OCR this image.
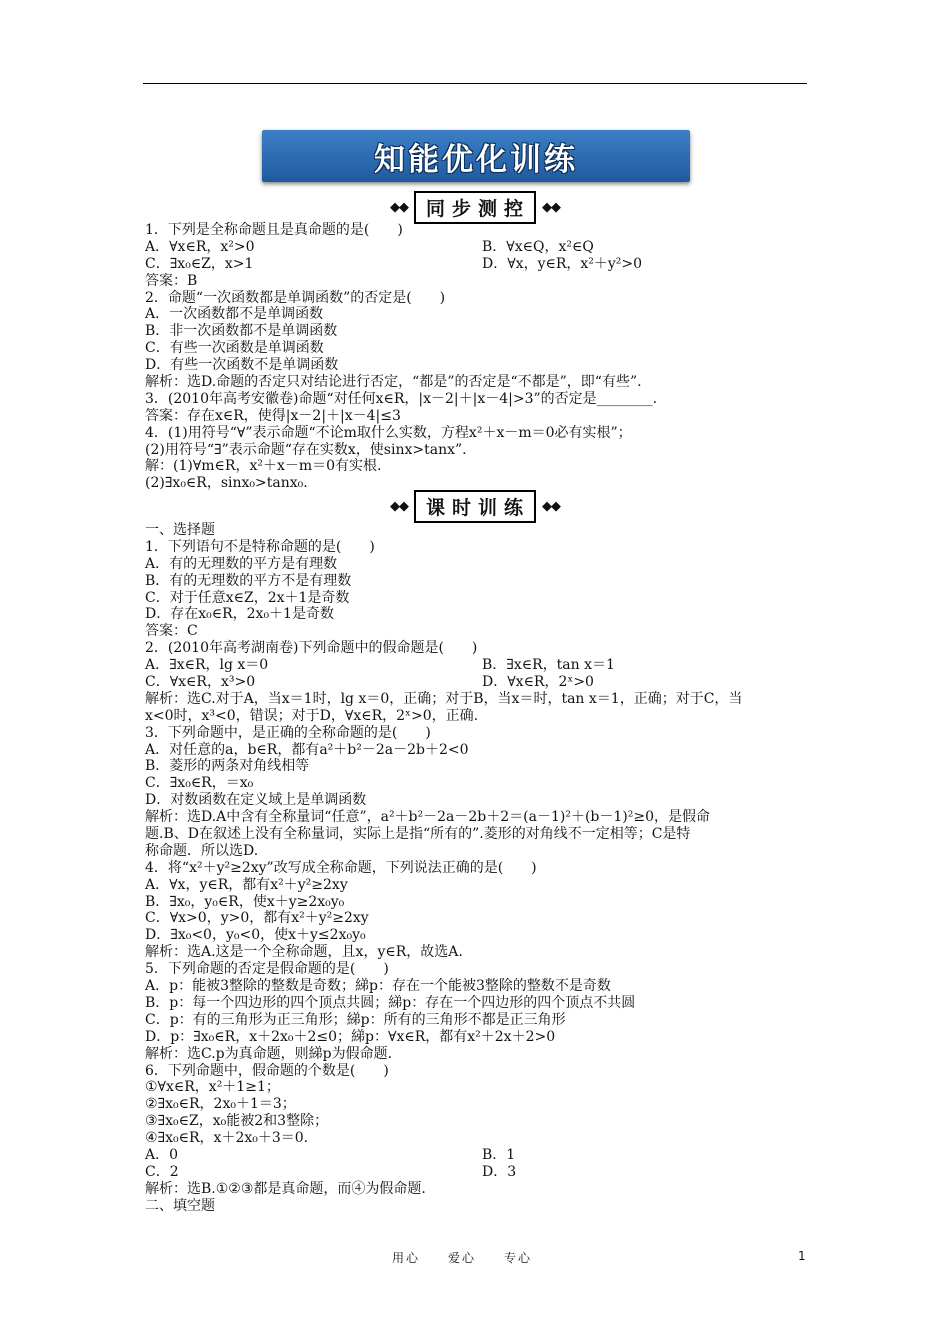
知能优化训练
◆◆ 同步测控 ◆◆
1．下列是全称命题且是真命题的是(　　)
A．∀x∈R，x²>0	B．∀x∈Q，x²∈Q
C．∃x₀∈Z，x>1	D．∀x，y∈R，x²＋y²>0
答案：B
2．命题“一次函数都是单调函数”的否定是(　　)
A．一次函数都不是单调函数
B．非一次函数都不是单调函数
C．有些一次函数是单调函数
D．有些一次函数不是单调函数
解析：选D.命题的否定只对结论进行否定，“都是”的否定是“不都是”，即“有些”.
3．(2010年高考安徽卷)命题“对任何x∈R，|x－2|＋|x－4|>3”的否定是________.
答案：存在x∈R，使得|x－2|＋|x－4|≤3
4．(1)用符号“∀”表示命题“不论m取什么实数，方程x²＋x－m＝0必有实根”；
(2)用符号“∃”表示命题“存在实数x，使sinx>tanx”.
解：(1)∀m∈R，x²＋x－m＝0有实根.
(2)∃x₀∈R，sinx₀>tanx₀.
◆◆ 课时训练 ◆◆
一、选择题
1．下列语句不是特称命题的是(　　)
A．有的无理数的平方是有理数
B．有的无理数的平方不是有理数
C．对于任意x∈Z，2x＋1是奇数
D．存在x₀∈R，2x₀＋1是奇数
答案：C
2．(2010年高考湖南卷)下列命题中的假命题是(　　)
A．∃x∈R，lg x＝0	B．∃x∈R，tan x＝1
C．∀x∈R，x³>0	D．∀x∈R，2ˣ>0
解析：选C.对于A，当x＝1时，lg x＝0，正确；对于B，当x＝时，tan x＝1，正确；对于C，当
x<0时，x³<0，错误；对于D，∀x∈R，2ˣ>0，正确.
3．下列命题中，是正确的全称命题的是(　　)
A．对任意的a，b∈R，都有a²＋b²－2a－2b＋2<0
B．菱形的两条对角线相等
C．∃x₀∈R，＝x₀
D．对数函数在定义域上是单调函数
解析：选D.A中含有全称量词“任意”，a²＋b²－2a－2b＋2＝(a－1)²＋(b－1)²≥0，是假命
题.B、D在叙述上没有全称量词，实际上是指“所有的”.菱形的对角线不一定相等；C是特
称命题．所以选D.
4．将“x²＋y²≥2xy”改写成全称命题，下列说法正确的是(　　)
A．∀x，y∈R，都有x²＋y²≥2xy
B．∃x₀，y₀∈R，使x＋y≥2x₀y₀
C．∀x>0，y>0，都有x²＋y²≥2xy
D．∃x₀<0，y₀<0，使x＋y≤2x₀y₀
解析：选A.这是一个全称命题，且x，y∈R，故选A.
5．下列命题的否定是假命题的是(　　)
A．p：能被3整除的整数是奇数；綈p：存在一个能被3整除的整数不是奇数
B．p：每一个四边形的四个顶点共圆；綈p：存在一个四边形的四个顶点不共圆
C．p：有的三角形为正三角形；綈p：所有的三角形不都是正三角形
D．p：∃x₀∈R，x＋2x₀＋2≤0；綈p：∀x∈R，都有x²＋2x＋2>0
解析：选C.p为真命题，则綈p为假命题.
6．下列命题中，假命题的个数是(　　)
①∀x∈R，x²＋1≥1；
②∃x₀∈R，2x₀＋1＝3；
③∃x₀∈Z，x₀能被2和3整除；
④∃x₀∈R，x＋2x₀＋3＝0.
A．0	B．1
C．2	D．3
解析：选B.①②③都是真命题，而④为假命题.
二、填空题
用心　　爱心　　专心	1
